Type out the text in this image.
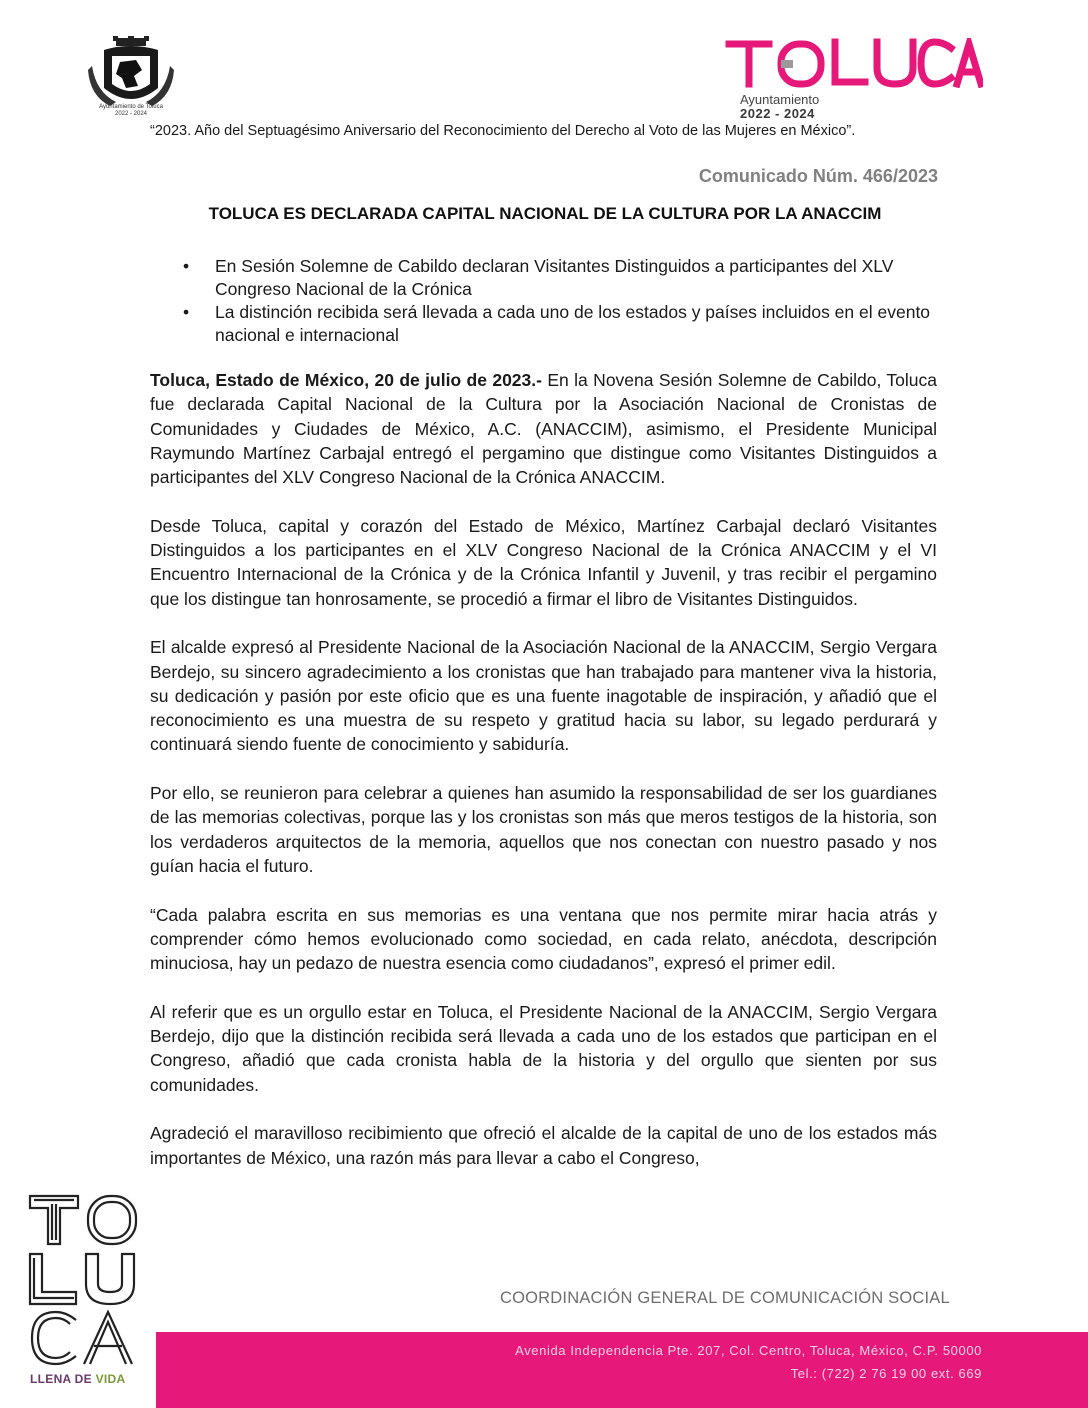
Ayuntamiento de Toluca
2022 - 2024
Ayuntamiento
2022 - 2024
“2023. Año del Septuagésimo Aniversario del Reconocimiento del Derecho al Voto de las Mujeres en México”.
Comunicado Núm. 466/2023
TOLUCA ES DECLARADA CAPITAL NACIONAL DE LA CULTURA POR LA ANACCIM
• En Sesión Solemne de Cabildo declaran Visitantes Distinguidos a participantes del XLV Congreso Nacional de la Crónica
• La distinción recibida será llevada a cada uno de los estados y países incluidos en el evento nacional e internacional

Toluca, Estado de México, 20 de julio de 2023.- En la Novena Sesión Solemne de Cabildo, Toluca fue declarada Capital Nacional de la Cultura por la Asociación Nacional de Cronistas de Comunidades y Ciudades de México, A.C. (ANACCIM), asimismo, el Presidente Municipal Raymundo Martínez Carbajal entregó el pergamino que distingue como Visitantes Distinguidos a participantes del XLV Congreso Nacional de la Crónica ANACCIM.

Desde Toluca, capital y corazón del Estado de México, Martínez Carbajal declaró Visitantes Distinguidos a los participantes en el XLV Congreso Nacional de la Crónica ANACCIM y el VI Encuentro Internacional de la Crónica y de la Crónica Infantil y Juvenil, y tras recibir el pergamino que los distingue tan honrosamente, se procedió a firmar el libro de Visitantes Distinguidos.

El alcalde expresó al Presidente Nacional de la Asociación Nacional de la ANACCIM, Sergio Vergara Berdejo, su sincero agradecimiento a los cronistas que han trabajado para mantener viva la historia, su dedicación y pasión por este oficio que es una fuente inagotable de inspiración, y añadió que el reconocimiento es una muestra de su respeto y gratitud hacia su labor, su legado perdurará y continuará siendo fuente de conocimiento y sabiduría.

Por ello, se reunieron para celebrar a quienes han asumido la responsabilidad de ser los guardianes de las memorias colectivas, porque las y los cronistas son más que meros testigos de la historia, son los verdaderos arquitectos de la memoria, aquellos que nos conectan con nuestro pasado y nos guían hacia el futuro.

“Cada palabra escrita en sus memorias es una ventana que nos permite mirar hacia atrás y comprender cómo hemos evolucionado como sociedad, en cada relato, anécdota, descripción minuciosa, hay un pedazo de nuestra esencia como ciudadanos”, expresó el primer edil.

Al referir que es un orgullo estar en Toluca, el Presidente Nacional de la ANACCIM, Sergio Vergara Berdejo, dijo que la distinción recibida será llevada a cada uno de los estados que participan en el Congreso, añadió que cada cronista habla de la historia y del orgullo que sienten por sus comunidades.

Agradeció el maravilloso recibimiento que ofreció el alcalde de la capital de uno de los estados más importantes de México, una razón más para llevar a cabo el Congreso,

LLENA DE VIDA
COORDINACIÓN GENERAL DE COMUNICACIÓN SOCIAL
Avenida Independencia Pte. 207, Col. Centro, Toluca, México, C.P. 50000
Tel.: (722) 2 76 19 00 ext. 669
